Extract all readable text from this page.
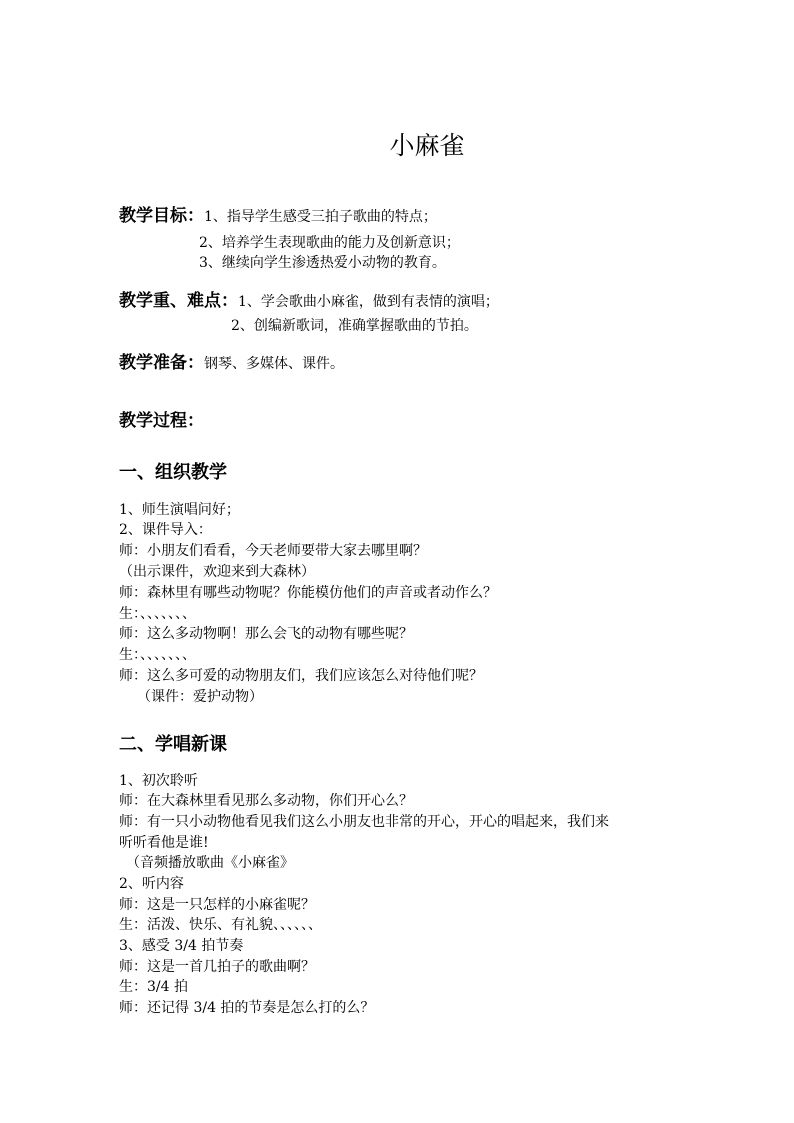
小麻雀
教学目标：1、指导学生感受三拍子歌曲的特点；
2、培养学生表现歌曲的能力及创新意识；
3、继续向学生渗透热爱小动物的教育。
教学重、难点：1、学会歌曲小麻雀，做到有表情的演唱；
2、创编新歌词，准确掌握歌曲的节拍。
教学准备：钢琴、多媒体、课件。
教学过程：
一、组织教学
1、师生演唱问好；
2、课件导入：
师：小朋友们看看，今天老师要带大家去哪里啊？
（出示课件，欢迎来到大森林）
师：森林里有哪些动物呢？你能模仿他们的声音或者动作么？
生：、、、、、、、
师：这么多动物啊！那么会飞的动物有哪些呢？
生：、、、、、、、
师：这么多可爱的动物朋友们，我们应该怎么对待他们呢？
（课件：爱护动物）
二、学唱新课
1、初次聆听
师：在大森林里看见那么多动物，你们开心么？
师：有一只小动物他看见我们这么小朋友也非常的开心，开心的唱起来，我们来
听听看他是谁!
（音频播放歌曲《小麻雀》
2、听内容
师：这是一只怎样的小麻雀呢？
生：活泼、快乐、有礼貌、、、、、、
3、感受 3/4 拍节奏
师：这是一首几拍子的歌曲啊？
生：3/4 拍
师：还记得 3/4 拍的节奏是怎么打的么？
